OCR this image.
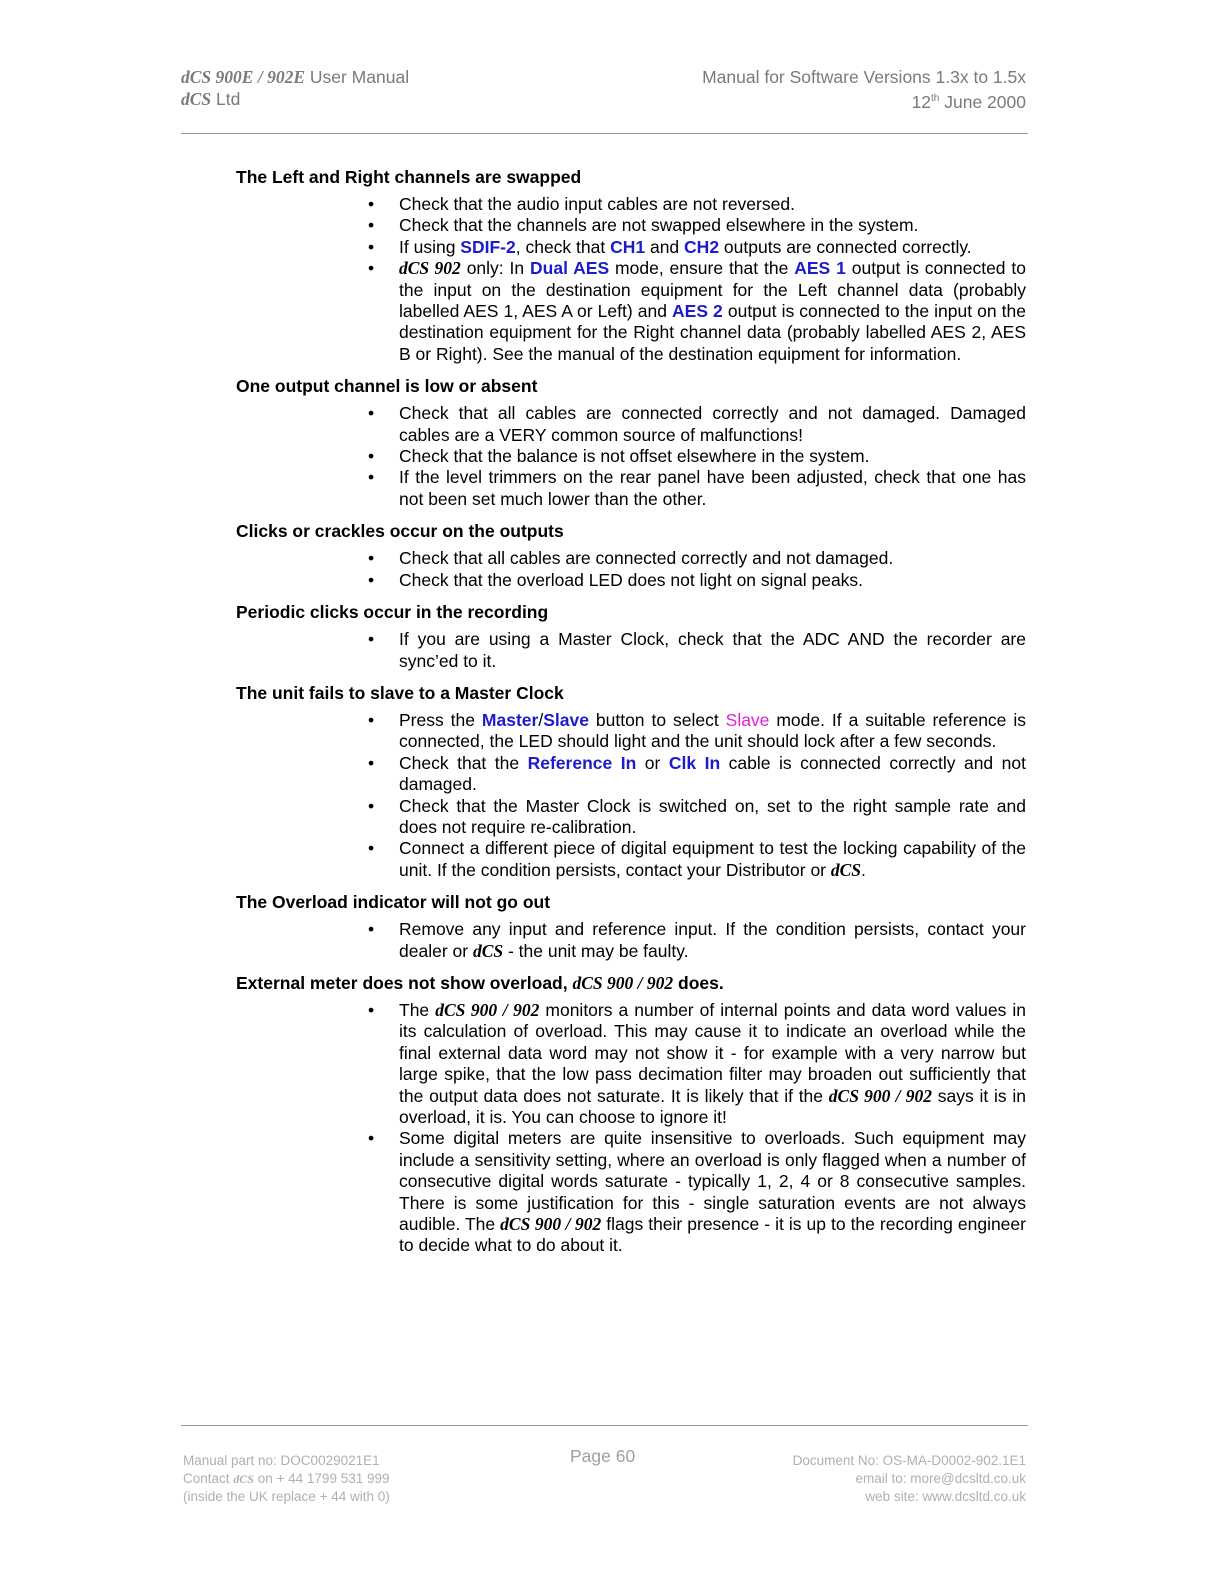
dCS 900E / 902E User Manual
dCS Ltd
Manual for Software Versions 1.3x to 1.5x
12th June 2000
The Left and Right channels are swapped
• Check that the audio input cables are not reversed.
• Check that the channels are not swapped elsewhere in the system.
• If using SDIF-2, check that CH1 and CH2 outputs are connected correctly.
• dCS 902 only: In Dual AES mode, ensure that the AES 1 output is connected to the input on the destination equipment for the Left channel data (probably labelled AES 1, AES A or Left) and AES 2 output is connected to the input on the destination equipment for the Right channel data (probably labelled AES 2, AES B or Right). See the manual of the destination equipment for information.
One output channel is low or absent
• Check that all cables are connected correctly and not damaged. Damaged cables are a VERY common source of malfunctions!
• Check that the balance is not offset elsewhere in the system.
• If the level trimmers on the rear panel have been adjusted, check that one has not been set much lower than the other.
Clicks or crackles occur on the outputs
• Check that all cables are connected correctly and not damaged.
• Check that the overload LED does not light on signal peaks.
Periodic clicks occur in the recording
• If you are using a Master Clock, check that the ADC AND the recorder are sync’ed to it.
The unit fails to slave to a Master Clock
• Press the Master/Slave button to select Slave mode. If a suitable reference is connected, the LED should light and the unit should lock after a few seconds.
• Check that the Reference In or Clk In cable is connected correctly and not damaged.
• Check that the Master Clock is switched on, set to the right sample rate and does not require re-calibration.
• Connect a different piece of digital equipment to test the locking capability of the unit. If the condition persists, contact your Distributor or dCS.
The Overload indicator will not go out
• Remove any input and reference input. If the condition persists, contact your dealer or dCS - the unit may be faulty.
External meter does not show overload, dCS 900 / 902 does.
• The dCS 900 / 902 monitors a number of internal points and data word values in its calculation of overload. This may cause it to indicate an overload while the final external data word may not show it - for example with a very narrow but large spike, that the low pass decimation filter may broaden out sufficiently that the output data does not saturate. It is likely that if the dCS 900 / 902 says it is in overload, it is. You can choose to ignore it!
• Some digital meters are quite insensitive to overloads. Such equipment may include a sensitivity setting, where an overload is only flagged when a number of consecutive digital words saturate - typically 1, 2, 4 or 8 consecutive samples. There is some justification for this - single saturation events are not always audible. The dCS 900 / 902 flags their presence - it is up to the recording engineer to decide what to do about it.
Manual part no: DOC0029021E1
Contact dCS on + 44 1799 531 999
(inside the UK replace + 44 with 0)
Page 60	Document No: OS-MA-D0002-902.1E1
email to: more@dcsltd.co.uk
web site: www.dcsltd.co.uk
